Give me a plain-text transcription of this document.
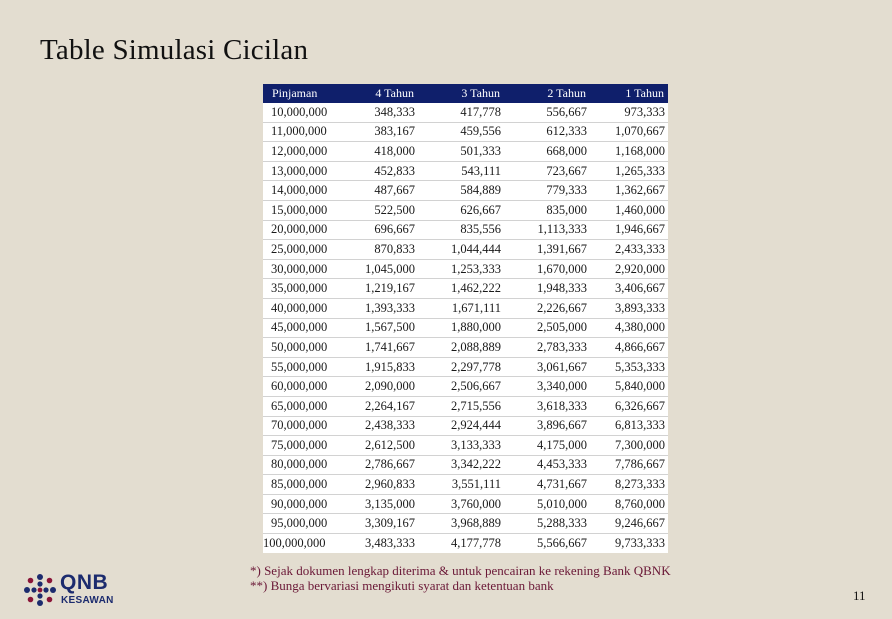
Table Simulasi Cicilan
Pinjaman	4 Tahun	3 Tahun	2 Tahun	1 Tahun
10,000,000	348,333	417,778	556,667	973,333
11,000,000	383,167	459,556	612,333	1,070,667
12,000,000	418,000	501,333	668,000	1,168,000
13,000,000	452,833	543,111	723,667	1,265,333
14,000,000	487,667	584,889	779,333	1,362,667
15,000,000	522,500	626,667	835,000	1,460,000
20,000,000	696,667	835,556	1,113,333	1,946,667
25,000,000	870,833	1,044,444	1,391,667	2,433,333
30,000,000	1,045,000	1,253,333	1,670,000	2,920,000
35,000,000	1,219,167	1,462,222	1,948,333	3,406,667
40,000,000	1,393,333	1,671,111	2,226,667	3,893,333
45,000,000	1,567,500	1,880,000	2,505,000	4,380,000
50,000,000	1,741,667	2,088,889	2,783,333	4,866,667
55,000,000	1,915,833	2,297,778	3,061,667	5,353,333
60,000,000	2,090,000	2,506,667	3,340,000	5,840,000
65,000,000	2,264,167	2,715,556	3,618,333	6,326,667
70,000,000	2,438,333	2,924,444	3,896,667	6,813,333
75,000,000	2,612,500	3,133,333	4,175,000	7,300,000
80,000,000	2,786,667	3,342,222	4,453,333	7,786,667
85,000,000	2,960,833	3,551,111	4,731,667	8,273,333
90,000,000	3,135,000	3,760,000	5,010,000	8,760,000
95,000,000	3,309,167	3,968,889	5,288,333	9,246,667
100,000,000	3,483,333	4,177,778	5,566,667	9,733,333
*) Sejak dokumen lengkap diterima & untuk pencairan ke rekening Bank QBNK
**) Bunga bervariasi mengikuti syarat dan ketentuan bank
QNB
KESAWAN	11
